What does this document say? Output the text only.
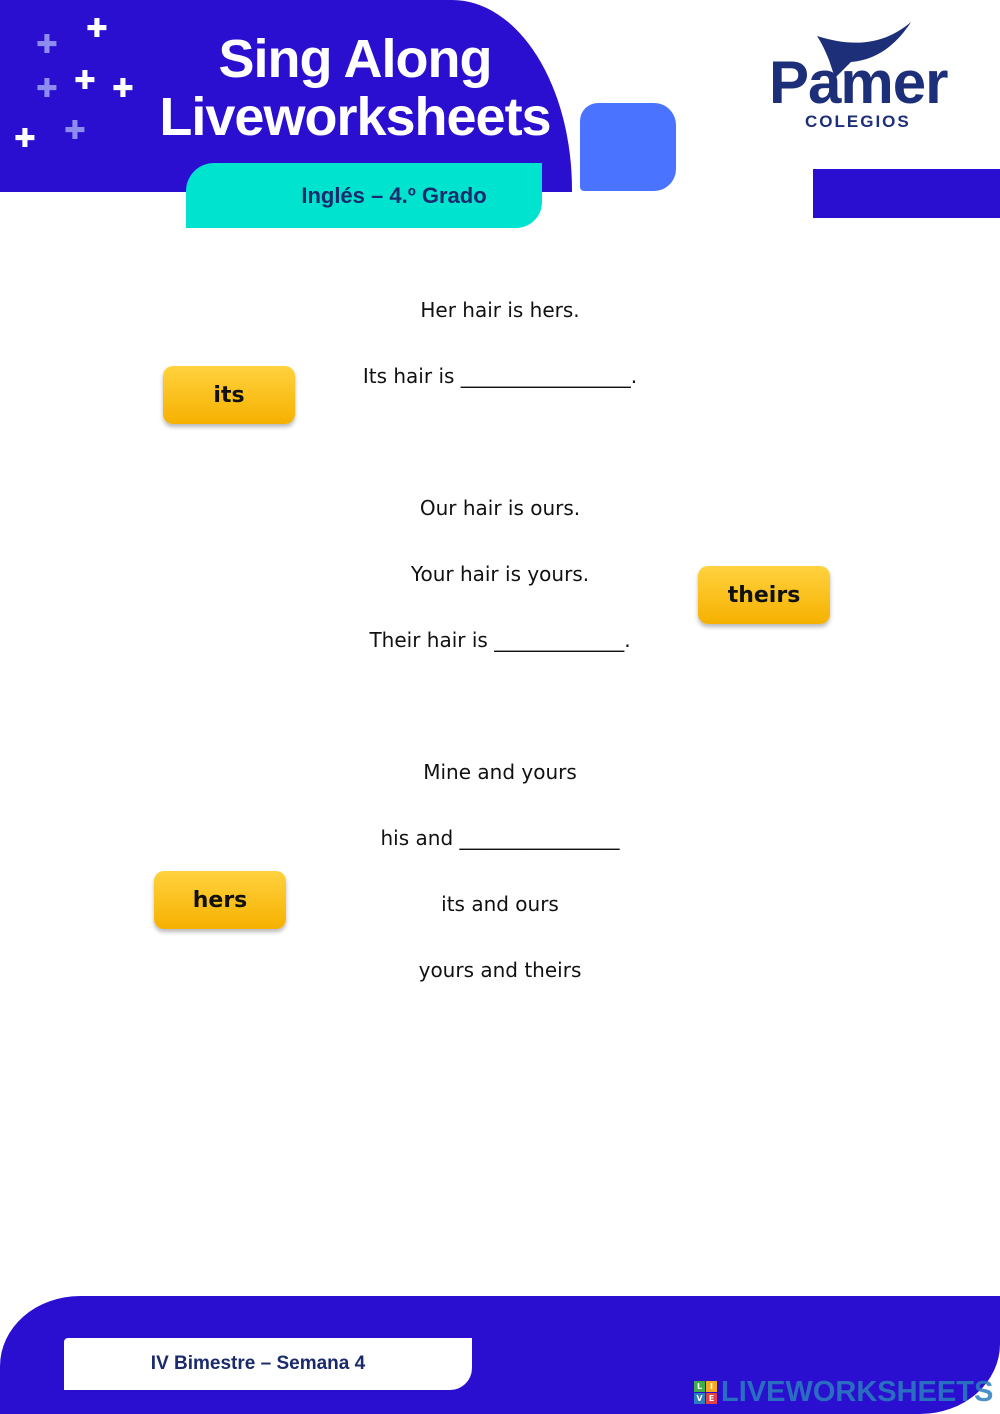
✚
✚
✚ ✚ ✚
✚ ✚
Sing Along
Liveworksheets
Inglés – 4.º Grado
Pamer
COLEGIOS
Her hair is hers.
Its hair is _________________.
Our hair is ours.
Your hair is yours.
Their hair is _____________.
Mine and yours
his and ________________
its and ours
yours and theirs
its
theirs
hers
IV Bimestre – Semana 4
L I
V E LIVEWORKSHEETS
